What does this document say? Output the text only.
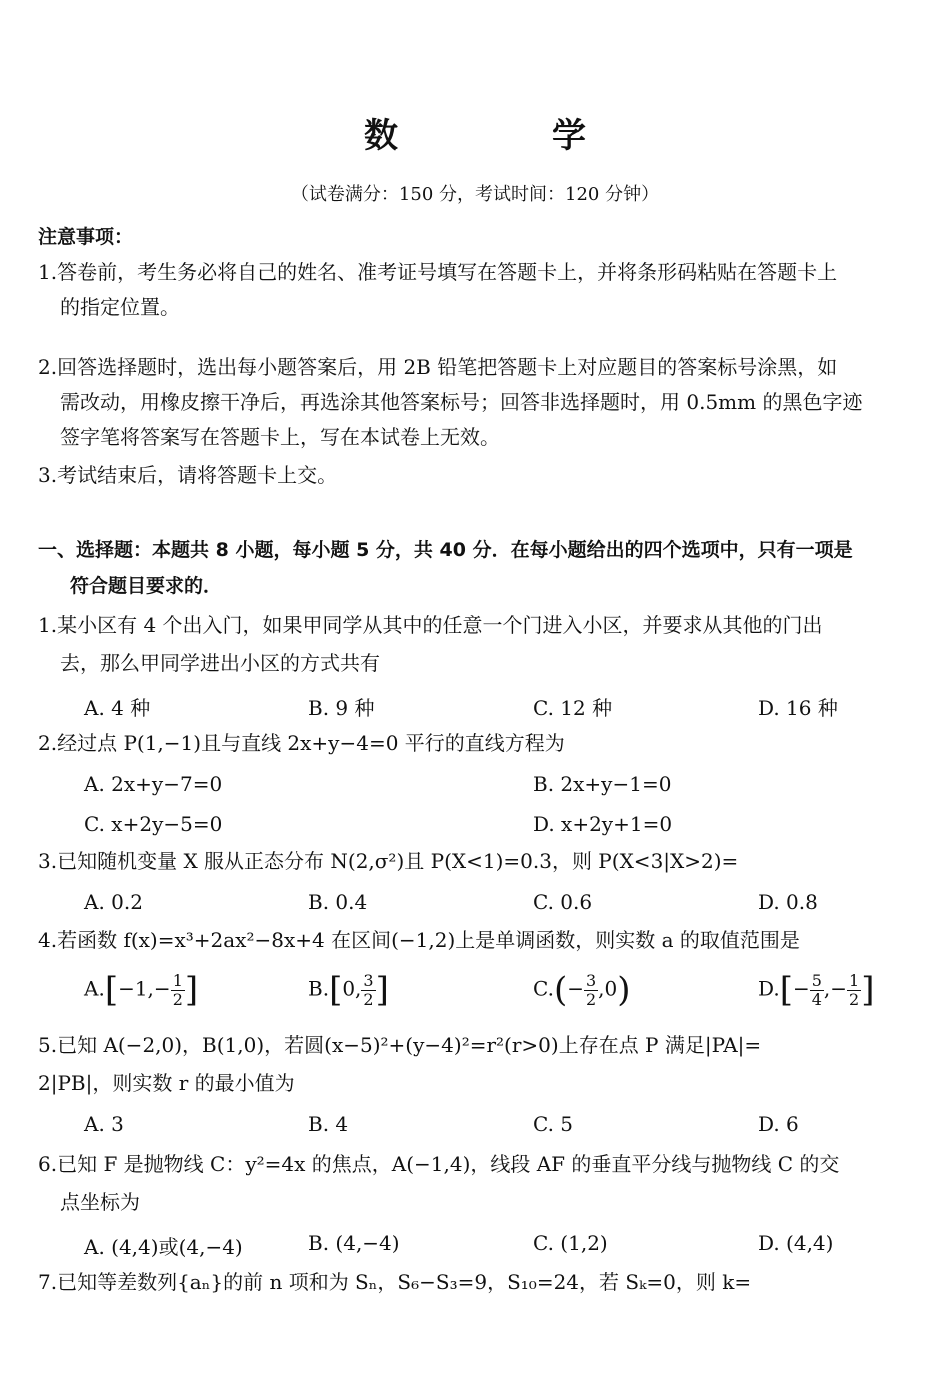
数　学
（试卷满分：150 分，考试时间：120 分钟）
注意事项：
1.答卷前，考生务必将自己的姓名、准考证号填写在答题卡上，并将条形码粘贴在答题卡上
的指定位置。
2.回答选择题时，选出每小题答案后，用 2B 铅笔把答题卡上对应题目的答案标号涂黑，如
需改动，用橡皮擦干净后，再选涂其他答案标号；回答非选择题时，用 0.5mm 的黑色字迹
签字笔将答案写在答题卡上，写在本试卷上无效。
3.考试结束后，请将答题卡上交。
一、选择题：本题共 8 小题，每小题 5 分，共 40 分．在每小题给出的四个选项中，只有一项是
符合题目要求的．
1.某小区有 4 个出入门，如果甲同学从其中的任意一个门进入小区，并要求从其他的门出
去，那么甲同学进出小区的方式共有
A. 4 种	B. 9 种	C. 12 种	D. 16 种
2.经过点 P(1,−1)且与直线 2x+y−4=0 平行的直线方程为
A. 2x+y−7=0	B. 2x+y−1=0
C. x+2y−5=0	D. x+2y+1=0
3.已知随机变量 X 服从正态分布 N(2,σ²)且 P(X<1)=0.3，则 P(X<3|X>2)=
A. 0.2	B. 0.4	C. 0.6	D. 0.8
4.若函数 f(x)=x³+2ax²−8x+4 在区间(−1,2)上是单调函数，则实数 a 的取值范围是
$A.[-1,- \frac{1}{2}$ ]	B.[0, $\frac{3}{2}$ ]	$C.(- \frac{3}{2} ,0)$	$D.[- \frac{5}{4}$ ,− $\frac{1}{2}$ ]
5.已知 A(−2,0)，B(1,0)，若圆(x−5)²+(y−4)²=r²(r>0)上存在点 P 满足|PA|=
2|PB|，则实数 r 的最小值为
A. 3	B. 4	C. 5	D. 6
6.已知 F 是抛物线 C：y²=4x 的焦点，A(−1,4)，线段 AF 的垂直平分线与抛物线 C 的交
点坐标为
A. (4,4)或(4,−4)	B. (4,−4)	C. (1,2)	D. (4,4)
7.已知等差数列{aₙ}的前 n 项和为 Sₙ，S₆−S₃=9，S₁₀=24，若 Sₖ=0，则 k=
